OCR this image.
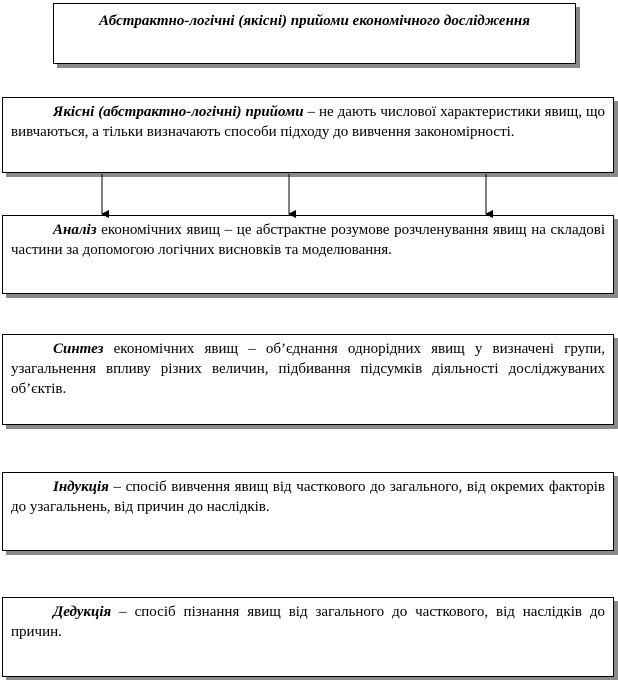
Абстрактно-логічні (якісні) прийоми економічного дослідження
Якісні (абстрактно-логічні) прийоми – не дають числової характеристики явищ, що вивчаються, а тільки визначають способи підходу до вивчення закономірності.
Аналіз економічних явищ – це абстрактне розумове розчленування явищ на складові частини за допомогою логічних висновків та моделювання.
Синтез економічних явищ – об’єднання однорідних явищ у визначені групи, узагальнення впливу різних величин, підбивання підсумків діяльності досліджуваних об’єктів.
Індукція – спосіб вивчення явищ від часткового до загального, від окремих факторів до узагальнень, від причин до наслідків.
Дедукція – спосіб пізнання явищ від загального до часткового, від наслідків до причин.
